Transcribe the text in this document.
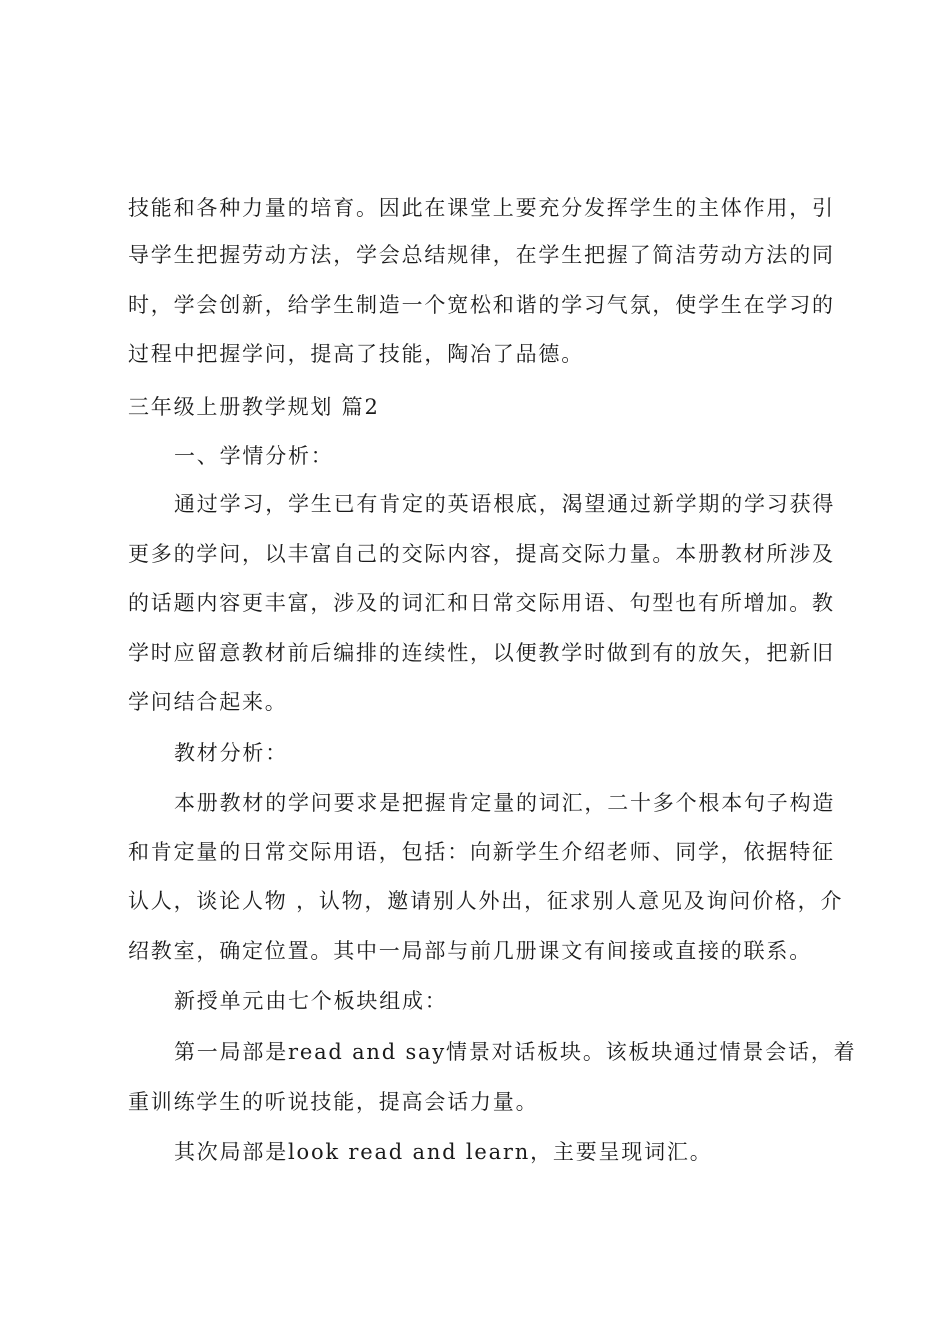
技能和各种力量的培育。因此在课堂上要充分发挥学生的主体作用，引
导学生把握劳动方法，学会总结规律，在学生把握了简洁劳动方法的同
时，学会创新，给学生制造一个宽松和谐的学习气氛，使学生在学习的
过程中把握学问，提高了技能，陶冶了品德。
三年级上册教学规划 篇2
一、学情分析：
通过学习，学生已有肯定的英语根底，渴望通过新学期的学习获得
更多的学问，以丰富自己的交际内容，提高交际力量。本册教材所涉及
的话题内容更丰富，涉及的词汇和日常交际用语、句型也有所增加。教
学时应留意教材前后编排的连续性，以便教学时做到有的放矢，把新旧
学问结合起来。
教材分析：
本册教材的学问要求是把握肯定量的词汇，二十多个根本句子构造
和肯定量的日常交际用语，包括：向新学生介绍老师、同学，依据特征
认人，谈论人物 ，认物，邀请别人外出，征求别人意见及询问价格，介
绍教室，确定位置。其中一局部与前几册课文有间接或直接的联系。
新授单元由七个板块组成：
第一局部是read and say情景对话板块。该板块通过情景会话，着
重训练学生的听说技能，提高会话力量。
其次局部是look read and learn，主要呈现词汇。
